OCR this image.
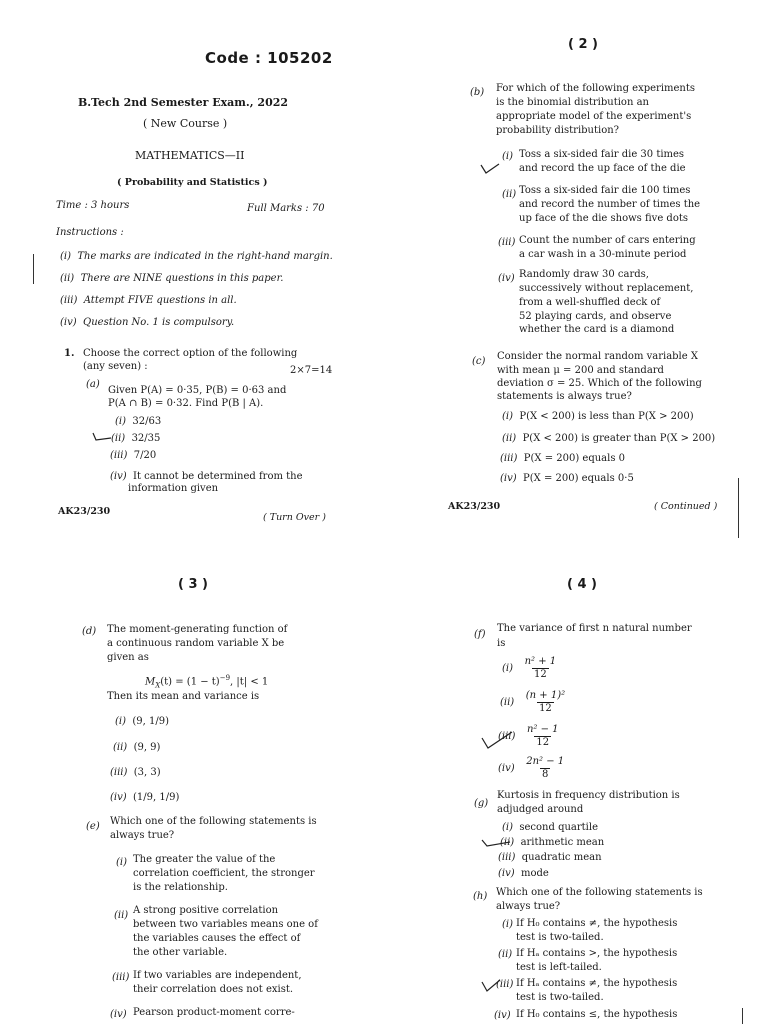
Code : 105202
B.Tech 2nd Semester Exam., 2022
( New Course )
MATHEMATICS—II
( Probability and Statistics )
Time : 3 hours	Full Marks : 70
Instructions :
(i) The marks are indicated in the right-hand margin.
(ii) There are NINE questions in this paper.
(iii) Attempt FIVE questions in all.
(iv) Question No. 1 is compulsory.
1. Choose the correct option of the following
(any seven) :	2×7=14
(a)
Given P(A) = 0·35, P(B) = 0·63 and
P(A ∩ B) = 0·32. Find P(B | A).
(i) 32/63
(ii) 32/35
(iii) 7/20
(iv) It cannot be determined from the
information given
AK23/230
( Turn Over )
( 2 )
(b) For which of the following experiments
is the binomial distribution an
appropriate model of the experiment's
probability distribution?
(i) Toss a six-sided fair die 30 times
and record the up face of the die
(ii) Toss a six-sided fair die 100 times
and record the number of times the
up face of the die shows five dots
(iii) Count the number of cars entering
a car wash in a 30-minute period
(iv) Randomly draw 30 cards,
successively without replacement,
from a well-shuffled deck of
52 playing cards, and observe
whether the card is a diamond
(c) Consider the normal random variable X
with mean μ = 200 and standard
deviation σ = 25. Which of the following
statements is always true?
(i) P(X < 200) is less than P(X > 200)
(ii) P(X < 200) is greater than P(X > 200)
(iii) P(X = 200) equals 0
(iv) P(X = 200) equals 0·5
AK23/230	( Continued )
( 3 )
(d) The moment-generating function of
a continuous random variable X be
given as
$M_X(t) = (1 - t)^{-9}$, |t| < 1
Then its mean and variance is
(i) (9, 1/9)
(ii) (9, 9)
(iii) (3, 3)
(iv) (1/9, 1/9)
(e) Which one of the following statements is
always true?
(i) The greater the value of the
correlation coefficient, the stronger
is the relationship.
(ii) A strong positive correlation
between two variables means one of
the variables causes the effect of
the other variable.
(iii) If two variables are independent,
their correlation does not exist.
(iv) Pearson product-moment corre-
( 4 )
(f)
The variance of first n natural number
is
$(i) \frac{\text{n² + 1}}{12}$
$(ii) \frac{\text{(n + 1)²}}{12}$
$(iii) \frac{\text{n² − 1}}{12}$
$(iv) \frac{\text{2n² − 1}}{8}$
(g)
Kurtosis in frequency distribution is
adjudged around
(i) second quartile
(ii) arithmetic mean
(iii) quadratic mean
(iv) mode
(h) Which one of the following statements is
always true?
(i) If H₀ contains ≠, the hypothesis
test is two-tailed.
(ii) If Hₐ contains >, the hypothesis
test is left-tailed.
(iii) If Hₐ contains ≠, the hypothesis
test is two-tailed.
(iv) If H₀ contains ≤, the hypothesis
